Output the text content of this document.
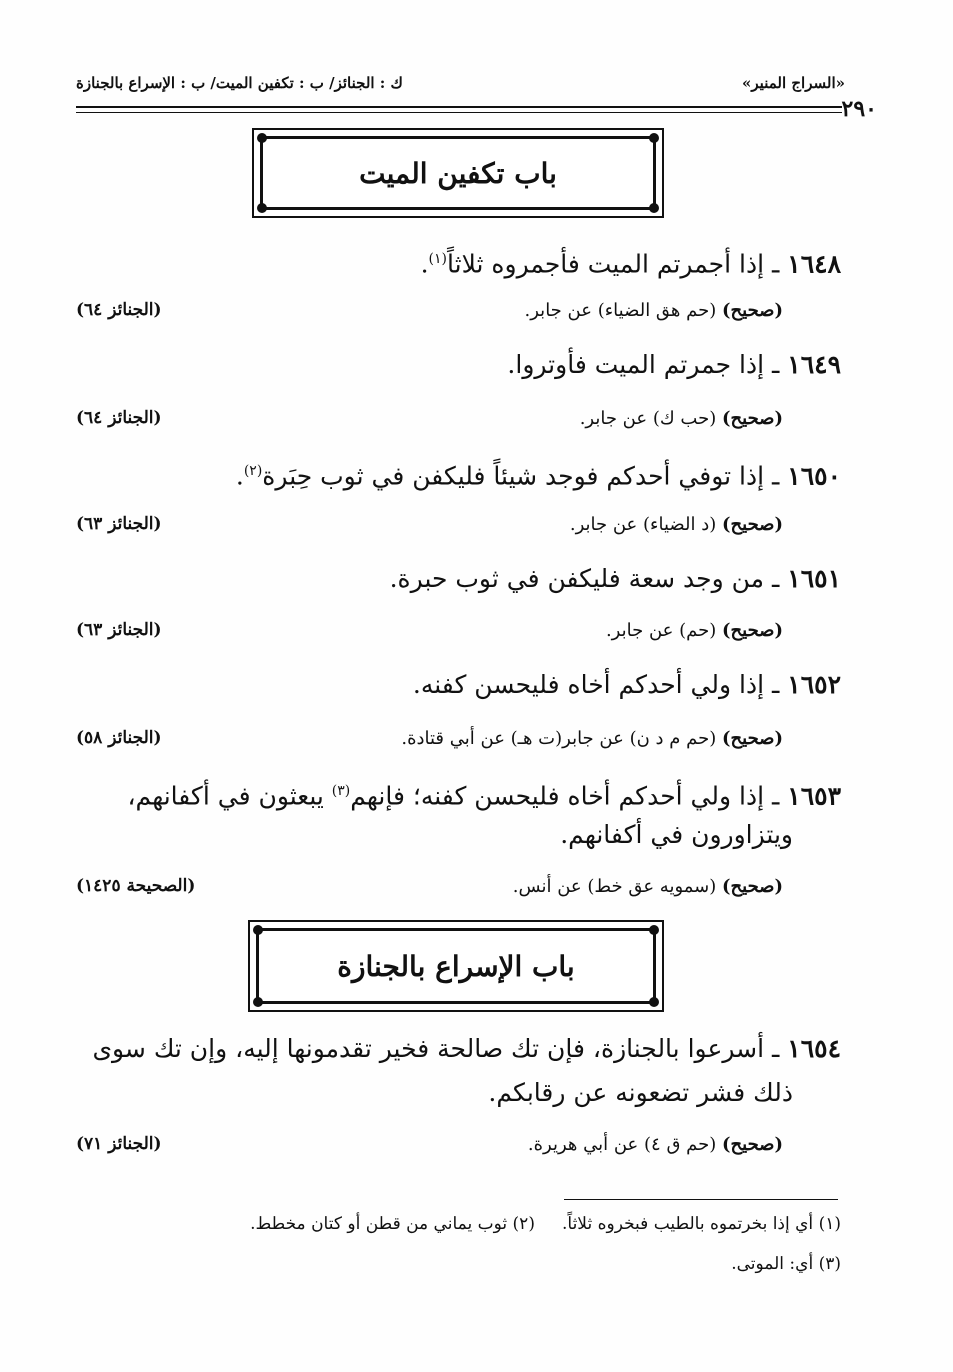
«السراج المنير»
ك : الجنائز/ ب : تكفين الميت/ ب : الإسراع بالجنازة
٢٩٠
باب تكفين الميت
١٦٤٨ ـ إذا أجمرتم الميت فأجمروه ثلاثاً$^{(١)}$.
(صحيح) (حم هق الضياء) عن جابر.
(الجنائز ٦٤)
١٦٤٩ ـ إذا جمرتم الميت فأوتروا.
(صحيح) (حب ك) عن جابر.
(الجنائز ٦٤)
١٦٥٠ ـ إذا توفي أحدكم فوجد شيئاً فليكفن في ثوب حِبَرة$^{(٢)}$.
(صحيح) (د الضياء) عن جابر.
(الجنائز ٦٣)
١٦٥١ ـ من وجد سعة فليكفن في ثوب حبرة.
(صحيح) (حم) عن جابر.
(الجنائز ٦٣)
١٦٥٢ ـ إذا ولي أحدكم أخاه فليحسن كفنه.
(صحيح) (حم م د ن) عن جابر(ت هـ) عن أبي قتادة.
(الجنائز ٥٨)
١٦٥٣ ـ إذا ولي أحدكم أخاه فليحسن كفنه؛ فإنهم$^{(٣)}$ يبعثون في أكفانهم،
ويتزاورون في أكفانهم.
(صحيح) (سمويه عق خط) عن أنس.
(الصحيحة ١٤٢٥)
باب الإسراع بالجنازة
١٦٥٤ ـ أسرعوا بالجنازة، فإن تك صالحة فخير تقدمونها إليه، وإن تك سوى
ذلك فشر تضعونه عن رقابكم.
(صحيح) (حم ق ٤) عن أبي هريرة.
(الجنائز ٧١)
(١) أي إذا بخرتموه بالطيب فبخروه ثلاثاً.     (٢) ثوب يماني من قطن أو كتان مخطط.
(٣) أي: الموتى.
